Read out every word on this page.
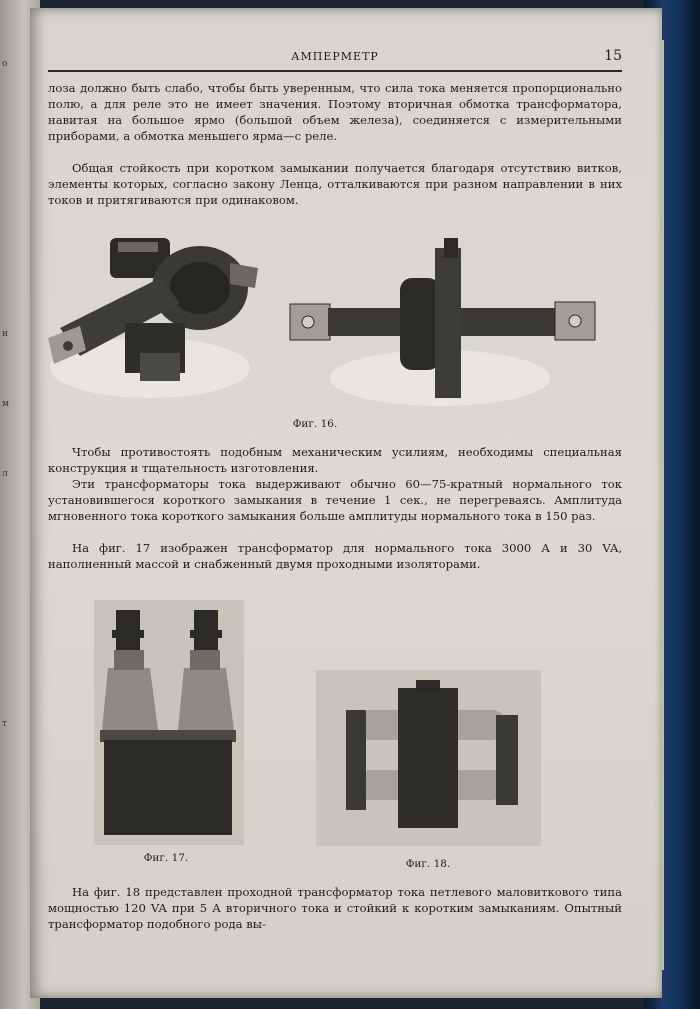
о
н
м
л
т
АМПЕРМЕТР	15

лоза должно быть слабо, чтобы быть уверенным, что сила тока меняется пропорционально полю, а для реле это не имеет значения. Поэтому вторичная обмотка трансформатора, навитая на большое ярмо (большой объем железа), соединяется с измерительными приборами, а обмотка меньшего ярма—с реле.

Общая стойкость при коротком замыкании получается благодаря отсутствию витков, элементы которых, согласно закону Ленца, отталкиваются при разном направлении в них токов и притягиваются при одинаковом.

Фиг. 16.

Чтобы противостоять подобным механическим усилиям, необходимы специальная конструкция и тщательность изготовления.

Эти трансформаторы тока выдерживают обычно 60—75-кратный нормального ток установившегося короткого замыкания в течение 1 сек., не перегреваясь. Амплитуда мгновенного тока короткого замыкания больше амплитуды нормального тока в 150 раз.

На фиг. 17 изображен трансформатор для нормального тока 3000 А и 30 VA, наполненный массой и снабженный двумя проходными изоляторами.

Фиг. 17.	Фиг. 18.

На фиг. 18 представлен проходной трансформатор тока петлевого маловиткового типа мощностью 120 VA при 5 А вторичного тока и стойкий к коротким замыканиям. Опытный трансформатор подобного рода вы-
